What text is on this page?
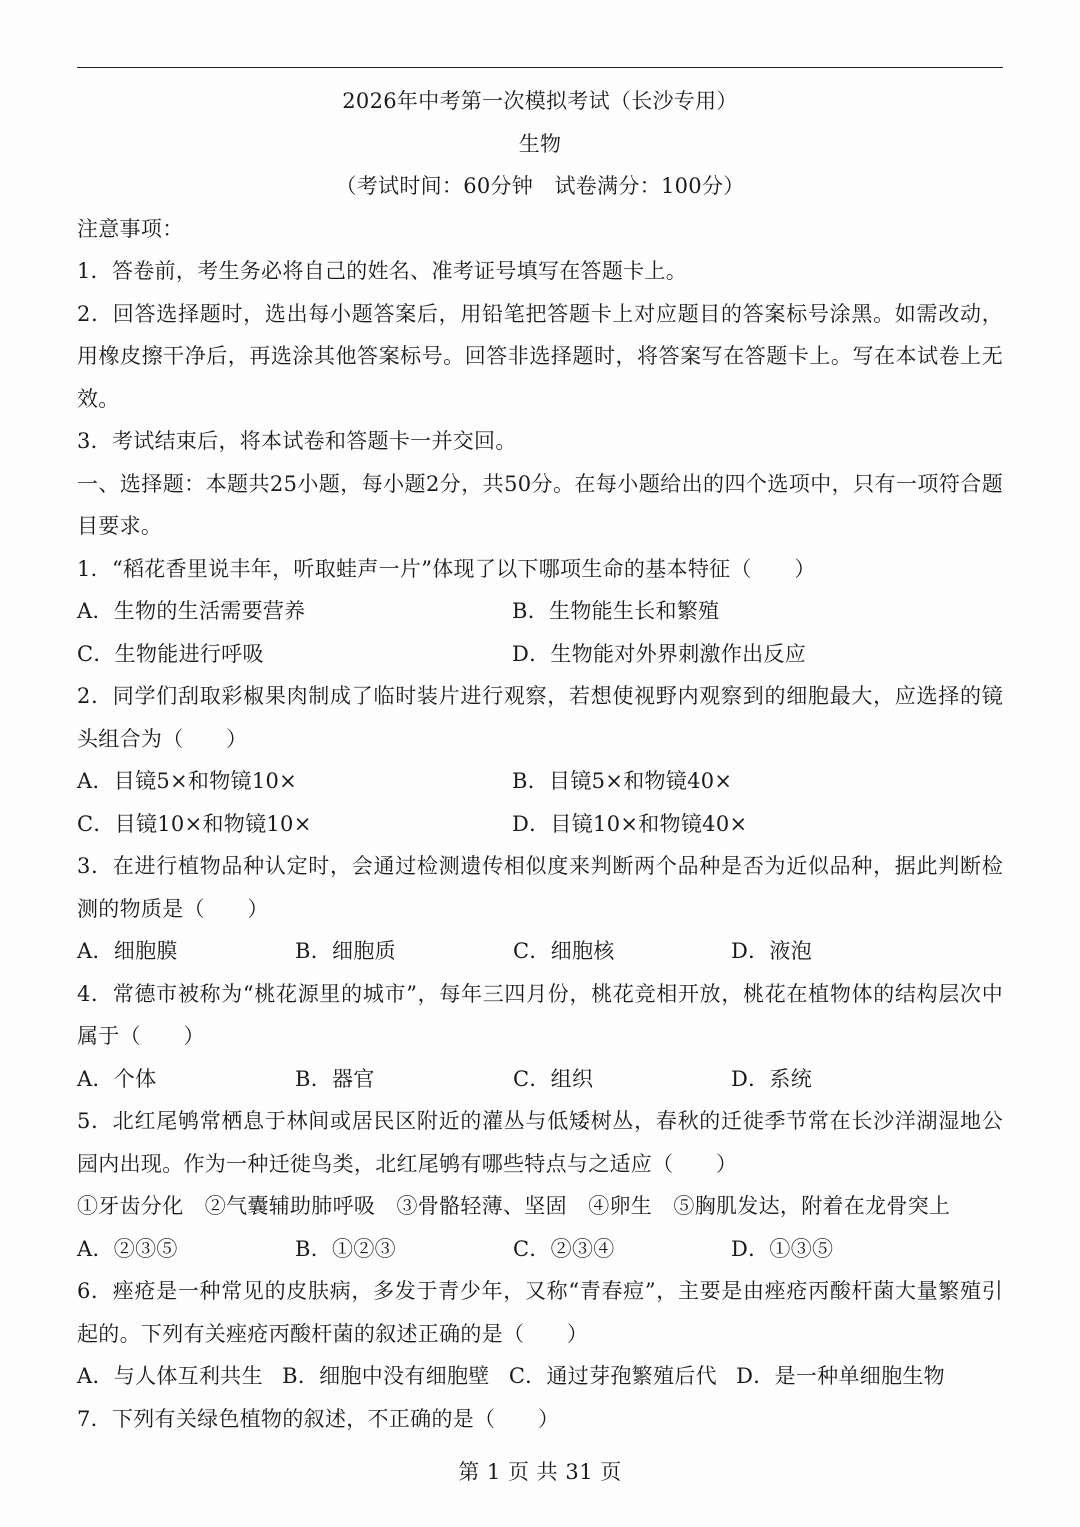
2026年中考第一次模拟考试（长沙专用）
生物
（考试时间：60分钟　试卷满分：100分）
注意事项：
1．答卷前，考生务必将自己的姓名、准考证号填写在答题卡上。
2．回答选择题时，选出每小题答案后，用铅笔把答题卡上对应题目的答案标号涂黑。如需改动，用橡皮擦干净后，再选涂其他答案标号。回答非选择题时，将答案写在答题卡上。写在本试卷上无效。
3．考试结束后，将本试卷和答题卡一并交回。
一、选择题：本题共25小题，每小题2分，共50分。在每小题给出的四个选项中，只有一项符合题目要求。
1．“稻花香里说丰年，听取蛙声一片”体现了以下哪项生命的基本特征（　　）
A．生物的生活需要营养	B．生物能生长和繁殖
C．生物能进行呼吸	D．生物能对外界刺激作出反应
2．同学们刮取彩椒果肉制成了临时装片进行观察，若想使视野内观察到的细胞最大，应选择的镜头组合为（　　）
A．目镜5×和物镜10×	B．目镜5×和物镜40×
C．目镜10×和物镜10×	D．目镜10×和物镜40×
3．在进行植物品种认定时，会通过检测遗传相似度来判断两个品种是否为近似品种，据此判断检测的物质是（　　）
A．细胞膜	B．细胞质	C．细胞核	D．液泡
4．常德市被称为“桃花源里的城市”，每年三四月份，桃花竞相开放，桃花在植物体的结构层次中属于（　　）
A．个体	B．器官	C．组织	D．系统
5．北红尾鸲常栖息于林间或居民区附近的灌丛与低矮树丛，春秋的迁徙季节常在长沙洋湖湿地公园内出现。作为一种迁徙鸟类，北红尾鸲有哪些特点与之适应（　　）
①牙齿分化　②气囊辅助肺呼吸　③骨骼轻薄、坚固　④卵生　⑤胸肌发达，附着在龙骨突上
A．②③⑤	B．①②③	C．②③④	D．①③⑤
6．痤疮是一种常见的皮肤病，多发于青少年，又称“青春痘”，主要是由痤疮丙酸杆菌大量繁殖引起的。下列有关痤疮丙酸杆菌的叙述正确的是（　　）
A．与人体互利共生 B．细胞中没有细胞壁 C．通过芽孢繁殖后代 D．是一种单细胞生物
7．下列有关绿色植物的叙述，不正确的是（　　）
第 1 页 共 31 页
